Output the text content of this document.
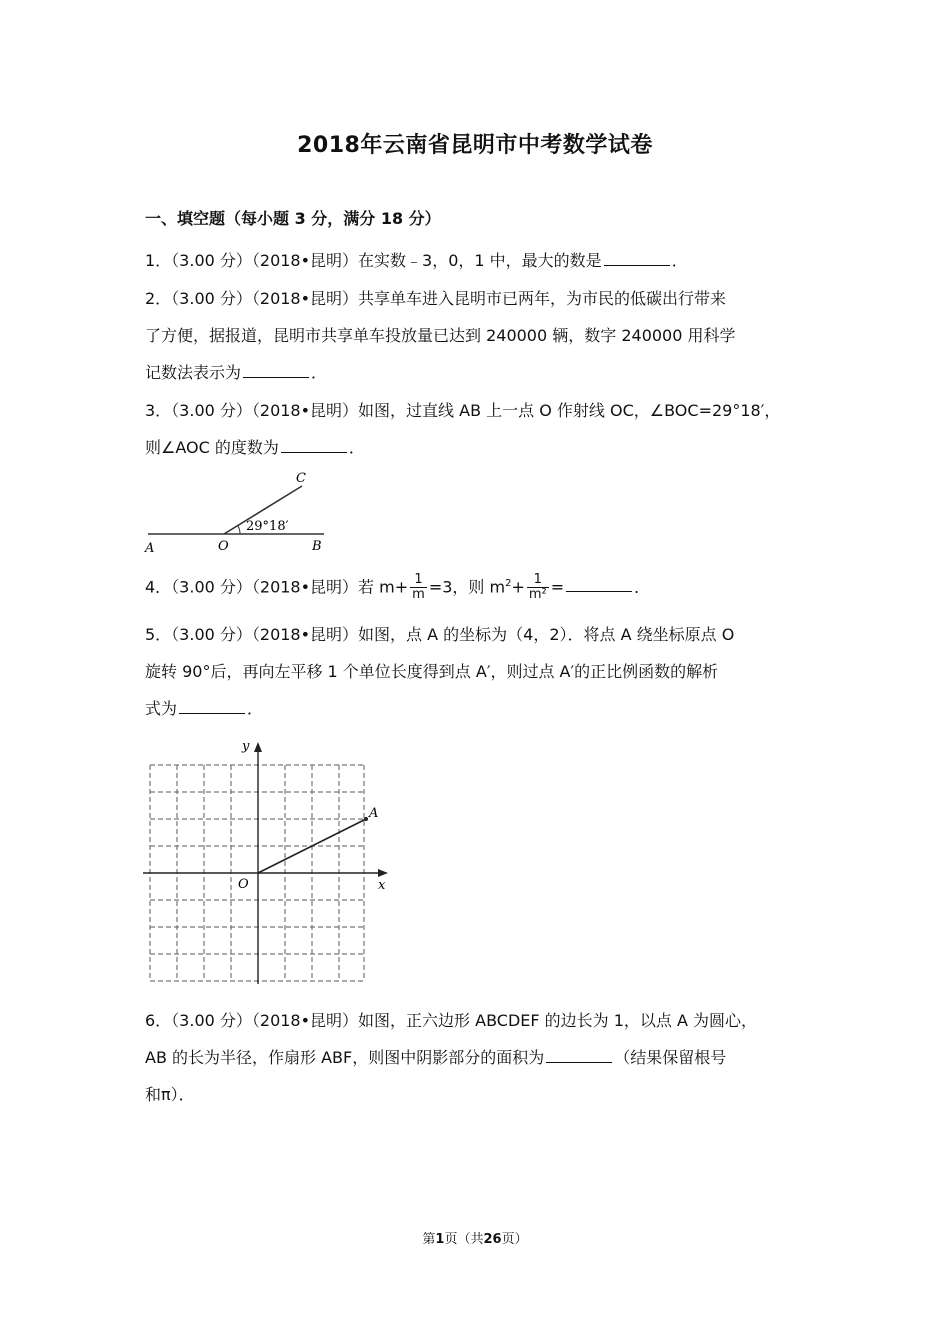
2018年云南省昆明市中考数学试卷
一、填空题（每小题 3 分，满分 18 分）
1．（3.00 分）（2018•昆明）在实数﹣3，0，1 中，最大的数是	．
2．（3.00 分）（2018•昆明）共享单车进入昆明市已两年，为市民的低碳出行带来
了方便，据报道，昆明市共享单车投放量已达到 240000 辆，数字 240000 用科学
记数法表示为	．
3．（3.00 分）（2018•昆明）如图，过直线 AB 上一点 O 作射线 OC，∠BOC=29°18′，
则∠AOC 的度数为	．
A	O	B
C
29°18′
4．（3.00 分）（2018•昆明）若 $m+ \frac{1}{m} =3$，则 $m^2+ \frac{1}{\text{m²}}$ =	．
5．（3.00 分）（2018•昆明）如图，点 A 的坐标为（4，2）．将点 A 绕坐标原点 O
旋转 90°后，再向左平移 1 个单位长度得到点 A′，则过点 A′的正比例函数的解析
式为	．
y
x
O
A
6．（3.00 分）（2018•昆明）如图，正六边形 ABCDEF 的边长为 1，以点 A 为圆心，
AB 的长为半径，作扇形 ABF，则图中阴影部分的面积为	（结果保留根号
和π）．
第1页（共26页）
